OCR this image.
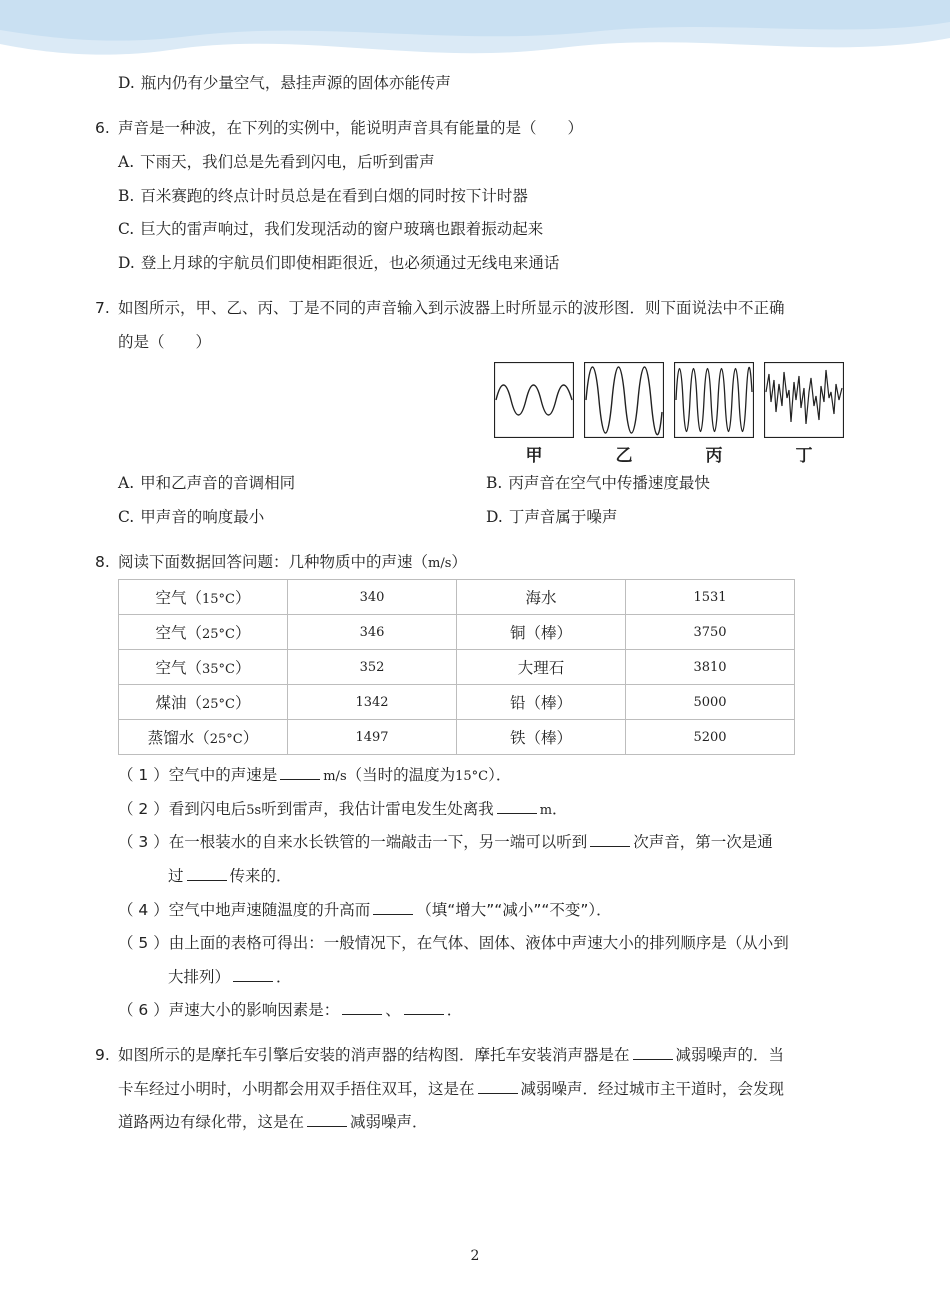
D. 瓶内仍有少量空气，悬挂声源的固体亦能传声
6. 声音是一种波，在下列的实例中，能说明声音具有能量的是（　　）
A. 下雨天，我们总是先看到闪电，后听到雷声
B. 百米赛跑的终点计时员总是在看到白烟的同时按下计时器
C. 巨大的雷声响过，我们发现活动的窗户玻璃也跟着振动起来
D. 登上月球的宇航员们即使相距很近，也必须通过无线电来通话
7. 如图所示，甲、乙、丙、丁是不同的声音输入到示波器上时所显示的波形图．则下面说法中不正确
的是（　　）
甲	乙	丙	丁
A. 甲和乙声音的音调相同	B. 丙声音在空气中传播速度最快
C. 甲声音的响度最小	D. 丁声音属于噪声
8. 阅读下面数据回答问题：几种物质中的声速（m/s）
空气（15°C）	340	海水	1531
空气（25°C）	346	铜（棒）	3750
空气（35°C）	352	大理石	3810
煤油（25°C）	1342	铅（棒）	5000
蒸馏水（25°C）	1497	铁（棒）	5200
（ 1 ）空气中的声速是	m/s（当时的温度为15°C）．
（ 2 ）看到闪电后5s听到雷声，我估计雷电发生处离我	m．
（ 3 ）在一根装水的自来水长铁管的一端敲击一下，另一端可以听到	次声音，第一次是通
过	传来的．
（ 4 ）空气中地声速随温度的升高而	（填“增大”“减小”“不变”）．
（ 5 ）由上面的表格可得出：一般情况下，在气体、固体、液体中声速大小的排列顺序是（从小到
大排列）	．
（ 6 ）声速大小的影响因素是：	、	．
9. 如图所示的是摩托车引擎后安装的消声器的结构图．摩托车安装消声器是在	减弱噪声的．当
卡车经过小明时，小明都会用双手捂住双耳，这是在	减弱噪声．经过城市主干道时，会发现
道路两边有绿化带，这是在	减弱噪声．
2
